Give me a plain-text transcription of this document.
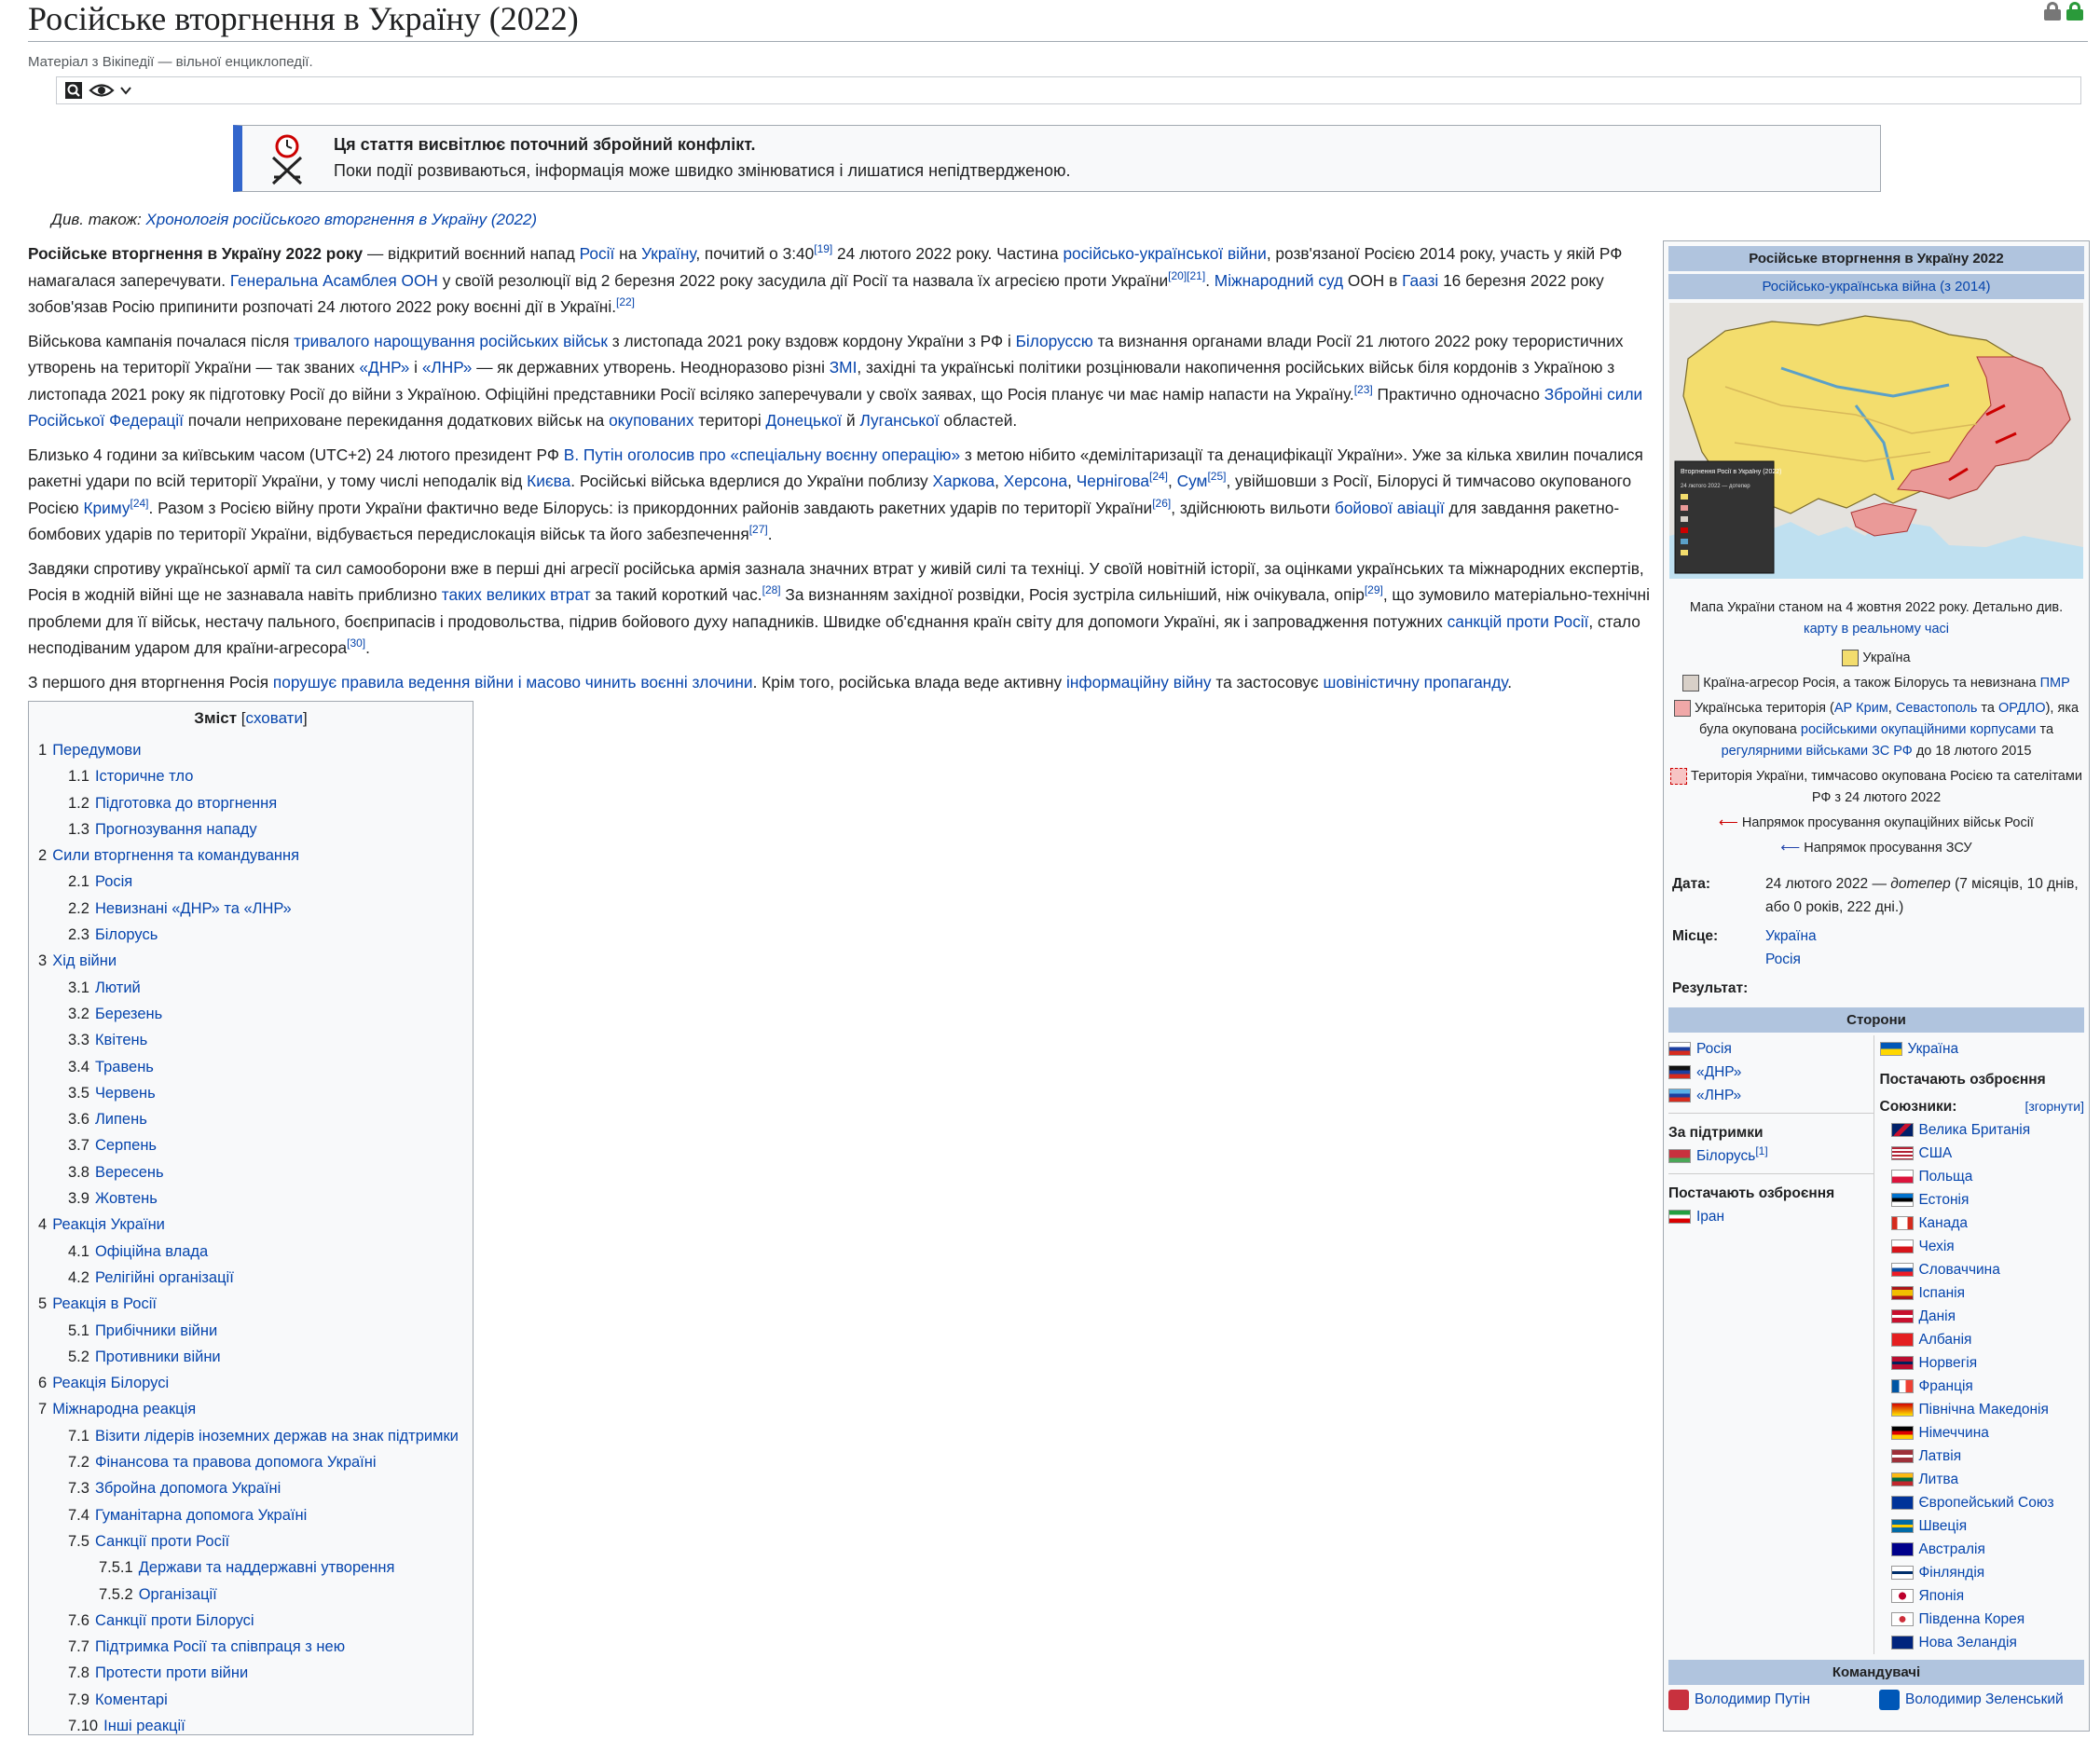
Російське вторгнення в Україну (2022)
Матеріал з Вікіпедії — вільної енциклопедії.
Ця стаття висвітлює поточний збройний конфлікт.
Поки події розвиваються, інформація може швидко змінюватися і лишатися непідтвердженою.
Див. також: Хронологія російського вторгнення в Україну (2022)

Російське вторгнення в Україну 2022 року — відкритий воєнний напад Росії на Україну, почитий о 3:40[19] 24 лютого 2022 року. Частина російсько-української війни, розв'язаної Росією 2014 року, участь у якій РФ намагалася заперечувати. Генеральна Асамблея ООН у своїй резолюції від 2 березня 2022 року засудила дії Росії та назвала їх агресією проти України[20][21]. Міжнародний суд ООН в Гаазі 16 березня 2022 року зобов'язав Росію припинити розпочаті 24 лютого 2022 року воєнні дії в Україні.[22]

Військова кампанія почалася після тривалого нарощування російських військ з листопада 2021 року вздовж кордону України з РФ і Білоруссю та визнання органами влади Росії 21 лютого 2022 року терористичних утворень на території України — так званих «ДНР» і «ЛНР» — як державних утворень. Неодноразово різні ЗМІ, західні та українські політики розцінювали накопичення російських військ біля кордонів з Україною з листопада 2021 року як підготовку Росії до війни з Україною. Офіційні представники Росії всіляко заперечували у своїх заявах, що Росія планує чи має намір напасти на Україну.[23] Практично одночасно Збройні сили Російської Федерації почали неприховане перекидання додаткових військ на окупованих територі Донецької й Луганської областей.

Близько 4 години за київським часом (UTC+2) 24 лютого президент РФ В. Путін оголосив про «спеціальну воєнну операцію» з метою нібито «демілітаризації та денацифікації України». Уже за кілька хвилин почалися ракетні удари по всій території України, у тому числі неподалік від Києва. Російські війська вдерлися до України поблизу Харкова, Херсона, Чернігова[24], Сум[25], увійшовши з Росії, Білорусі й тимчасово окупованого Росією Криму[24]. Разом з Росією війну проти України фактично веде Білорусь: із прикордонних районів завдають ракетних ударів по території України[26], здійснюють вильоти бойової авіації для завдання ракетно-бомбових ударів по території України, відбувається передислокація військ та його забезпечення[27].

Завдяки спротиву української армії та сил самооборони вже в перші дні агресії російська армія зазнала значних втрат у живій силі та техніці. У своїй новітній історії, за оцінками українських та міжнародних експертів, Росія в жодній війні ще не зазнавала навіть приблизно таких великих втрат за такий короткий час.[28] За визнанням західної розвідки, Росія зустріла сильніший, ніж очікувала, опір[29], що зумовило матеріально-технічні проблеми для її військ, нестачу пального, боєприпасів і продовольства, підрив бойового духу нападників. Швидке об'єднання країн світу для допомоги Україні, як і запровадження потужних санкцій проти Росії, стало несподіваним ударом для країни-агресора[30].

З першого дня вторгнення Росія порушує правила ведення війни і масово чинить воєнні злочини. Крім того, російська влада веде активну інформаційну війну та застосовує шовіністичну пропаганду.

Зміст [сховати]
1 Передумови
1.1 Історичне тло
1.2 Підготовка до вторгнення
1.3 Прогнозування нападу
2 Сили вторгнення та командування
2.1 Росія
2.2 Невизнані «ДНР» та «ЛНР»
2.3 Білорусь
3 Хід війни
3.1 Лютий
3.2 Березень
3.3 Квітень
3.4 Травень
3.5 Червень
3.6 Липень
3.7 Серпень
3.8 Вересень
3.9 Жовтень
4 Реакція України
4.1 Офіційна влада
4.2 Релігійні організації
5 Реакція в Росії
5.1 Прибічники війни
5.2 Противники війни
6 Реакція Білорусі
7 Міжнародна реакція
7.1 Візити лідерів іноземних держав на знак підтримки
7.2 Фінансова та правова допомога Україні
7.3 Збройна допомога Україні
7.4 Гуманітарна допомога Україні
7.5 Санкції проти Росії
7.5.1 Держави та наддержавні утворення
7.5.2 Організації
7.6 Санкції проти Білорусі
7.7 Підтримка Росії та співпраця з нею
7.8 Протести проти війни
7.9 Коментарі
7.10 Інші реакції
Російське вторгнення в Україну 2022
Російсько-українська війна (з 2014)
Вторгнення Росії в Україну (2022)
24 лютого 2022 — дотепер
Мапа України станом на 4 жовтня 2022 року. Детально див. карту в реальному часі
Україна
Країна-агресор Росія, а також Білорусь та невизнана ПМР
Українська територія (АР Крим, Севастополь та ОРДЛО), яка була окупована російськими окупаційними корпусами та регулярними військами ЗС РФ до 18 лютого 2015
Територія України, тимчасово окупована Росією та сателітами РФ з 24 лютого 2022
⟵ Напрямок просування окупаційних військ Росії
⟵ Напрямок просування ЗСУ
Дата:	24 лютого 2022 — дотепер (7 місяців, 10 днів, або 0 років, 222 дні.)
Місце:	Україна
Росія
Результат:
Сторони
Росія
«ДНР»
«ЛНР»
За підтримки
Білорусь[1]
Постачають озброєння
Іран
Україна
Постачають озброєння
Союзники:	[згорнути]
Велика Британія
США
Польща
Естонія
Канада
Чехія
Словаччина
Іспанія
Данія
Албанія
Норвегія
Франція
Північна Македонія
Німеччина
Латвія
Литва
Європейський Союз
Швеція
Австралія
Фінляндія
Японія
Південна Корея
Нова Зеландія
Командувачі
Володимир Путін	Володимир Зеленський
